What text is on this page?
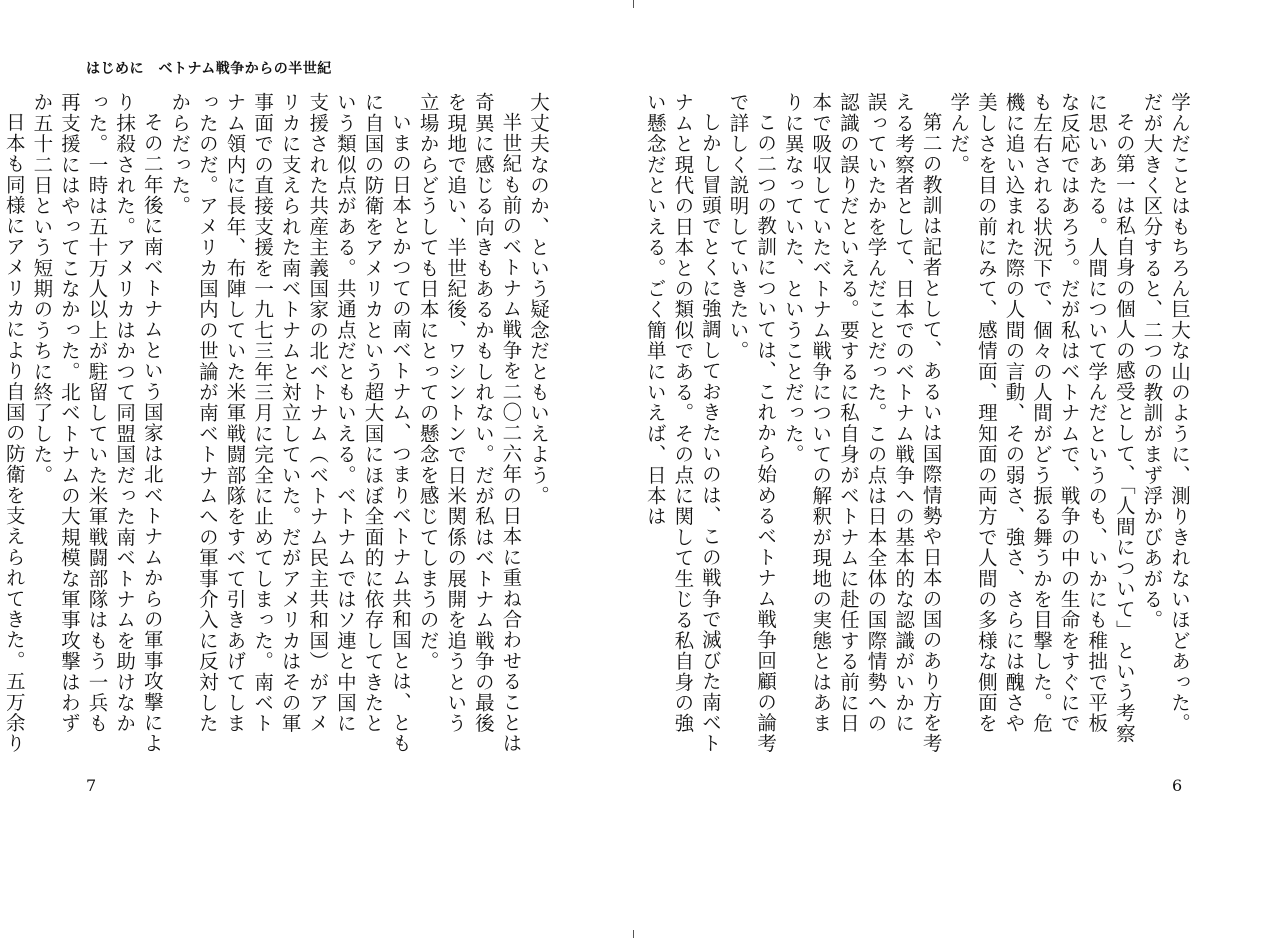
はじめに　ベトナム戦争からの半世紀

大丈夫なのか、という疑念だともいえよう。

半世紀も前のベトナム戦争を二〇二六年の日本に重ね合わせることは奇異に感じる向きもあるかもしれない。だが私はベトナム戦争の最後を現地で追い、半世紀後、ワシントンで日米関係の展開を追うという立場からどうしても日本にとっての懸念を感じてしまうのだ。

いまの日本とかつての南ベトナム、つまりベトナム共和国とは、ともに自国の防衛をアメリカという超大国にほぼ全面的に依存してきたという類似点がある。共通点だともいえる。ベトナムではソ連と中国に支援された共産主義国家の北ベトナム（ベトナム民主共和国）がアメリカに支えられた南ベトナムと対立していた。だがアメリカはその軍事面での直接支援を一九七三年三月に完全に止めてしまった。南ベトナム領内に長年、布陣していた米軍戦闘部隊をすべて引きあげてしまったのだ。アメリカ国内の世論が南ベトナムへの軍事介入に反対したからだった。

その二年後に南ベトナムという国家は北ベトナムからの軍事攻撃により抹殺された。アメリカはかつて同盟国だった南ベトナムを助けなかった。一時は五十万人以上が駐留していた米軍戦闘部隊はもう一兵も再支援にはやってこなかった。北ベトナムの大規模な軍事攻撃はわずか五十二日という短期のうちに終了した。

日本も同様にアメリカにより自国の防衛を支えられてきた。五万余り

学んだことはもちろん巨大な山のように、測りきれないほどあった。だが大きく区分すると、二つの教訓がまず浮かびあがる。

その第一は私自身の個人の感受として、「人間について」という考察に思いあたる。人間について学んだというのも、いかにも稚拙で平板な反応ではあろう。だが私はベトナムで、戦争の中の生命をすぐにでも左右される状況下で、個々の人間がどう振る舞うかを目撃した。危機に追い込まれた際の人間の言動、その弱さ、強さ、さらには醜さや美しさを目の前にみて、感情面、理知面の両方で人間の多様な側面を学んだ。

第二の教訓は記者として、あるいは国際情勢や日本の国のあり方を考える考察者として、日本でのベトナム戦争への基本的な認識がいかに誤っていたかを学んだことだった。この点は日本全体の国際情勢への認識の誤りだといえる。要するに私自身がベトナムに赴任する前に日本で吸収していたベトナム戦争についての解釈が現地の実態とはあまりに異なっていた、ということだった。

この二つの教訓については、これから始めるベトナム戦争回顧の論考で詳しく説明していきたい。

しかし冒頭でとくに強調しておきたいのは、この戦争で滅びた南ベトナムと現代の日本との類似である。その点に関して生じる私自身の強い懸念だといえる。ごく簡単にいえば、日本は

7	6
